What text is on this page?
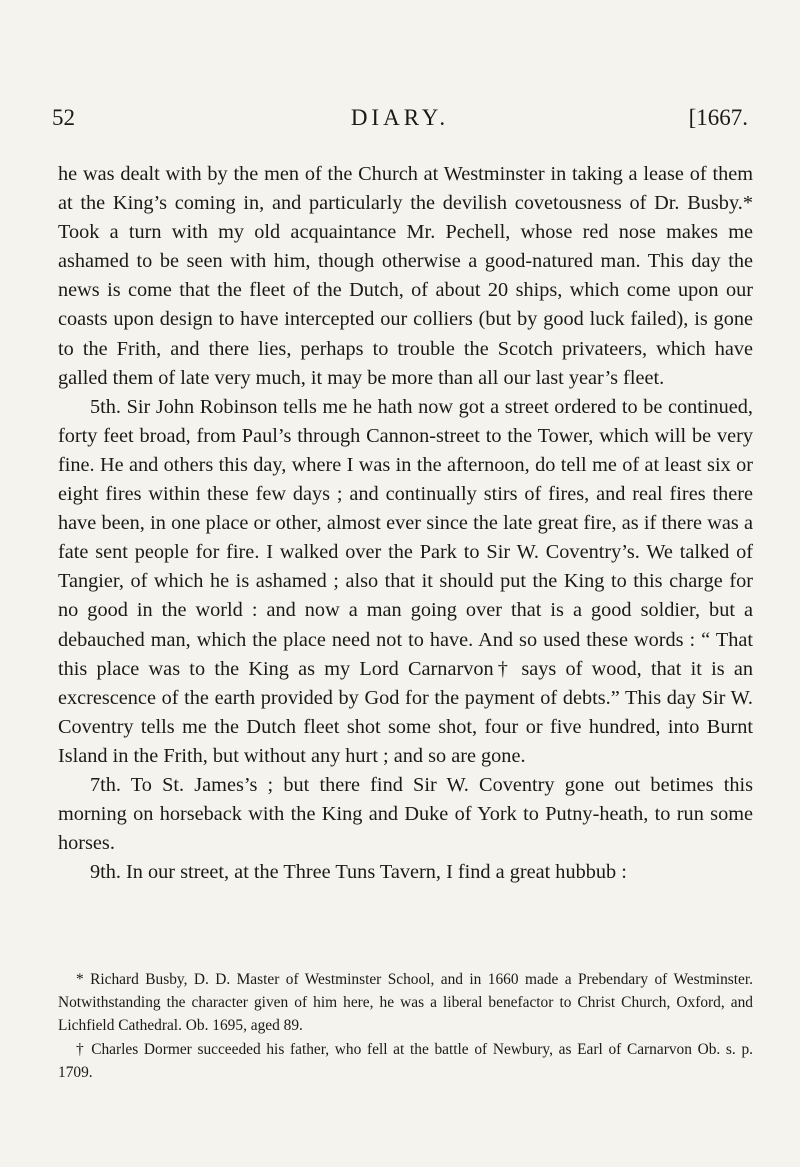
52	DIARY.	[1667.

he was dealt with by the men of the Church at Westminster in taking a lease of them at the King’s coming in, and particularly the devilish covetousness of Dr. Busby.* Took a turn with my old acquaintance Mr. Pechell, whose red nose makes me ashamed to be seen with him, though otherwise a good-natured man. This day the news is come that the fleet of the Dutch, of about 20 ships, which come upon our coasts upon design to have intercepted our colliers (but by good luck failed), is gone to the Frith, and there lies, perhaps to trouble the Scotch privateers, which have galled them of late very much, it may be more than all our last year’s fleet.

5th. Sir John Robinson tells me he hath now got a street ordered to be continued, forty feet broad, from Paul’s through Cannon-street to the Tower, which will be very fine. He and others this day, where I was in the afternoon, do tell me of at least six or eight fires within these few days ; and continually stirs of fires, and real fires there have been, in one place or other, almost ever since the late great fire, as if there was a fate sent people for fire. I walked over the Park to Sir W. Coventry’s. We talked of Tangier, of which he is ashamed ; also that it should put the King to this charge for no good in the world : and now a man going over that is a good soldier, but a debauched man, which the place need not to have. And so used these words : “ That this place was to the King as my Lord Carnarvon† says of wood, that it is an excrescence of the earth provided by God for the payment of debts.” This day Sir W. Coventry tells me the Dutch fleet shot some shot, four or five hundred, into Burnt Island in the Frith, but without any hurt ; and so are gone.

7th. To St. James’s ; but there find Sir W. Coventry gone out betimes this morning on horseback with the King and Duke of York to Putny-heath, to run some horses.

9th. In our street, at the Three Tuns Tavern, I find a great hubbub :

* Richard Busby, D. D. Master of Westminster School, and in 1660 made a Prebendary of Westminster. Notwithstanding the character given of him here, he was a liberal benefactor to Christ Church, Oxford, and Lichfield Cathedral. Ob. 1695, aged 89.

† Charles Dormer succeeded his father, who fell at the battle of Newbury, as Earl of Carnarvon Ob. s. p. 1709.
